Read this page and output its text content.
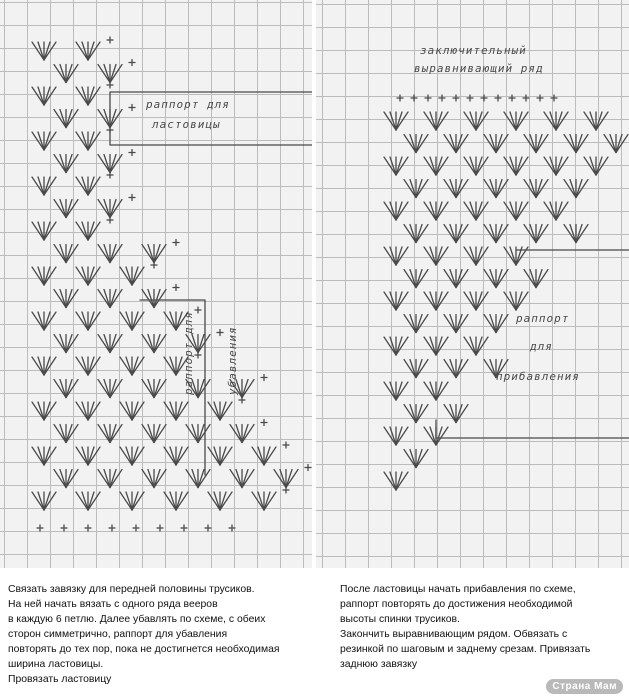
раппорт для
ластовицы
раппорт для	убавления
заключительный
выравнивающий ряд
раппорт
для
прибавления
Связать завязку для передней половины трусиков.
На ней начать вязать с одного ряда вееров
в каждую 6 петлю. Далее убавлять по схеме, с обеих
сторон симметрично, раппорт для убавления
повторять до тех пор, пока не достигнется необходимая
ширина ластовицы.
Провязать ластовицу
После ластовицы начать прибавления по схеме,
раппорт повторять до достижения необходимой
высоты спинки трусиков.
Закончить выравнивающим рядом. Обвязать с
резинкой по шаговым и заднему срезам. Привязать
заднюю завязку
Страна Мам
